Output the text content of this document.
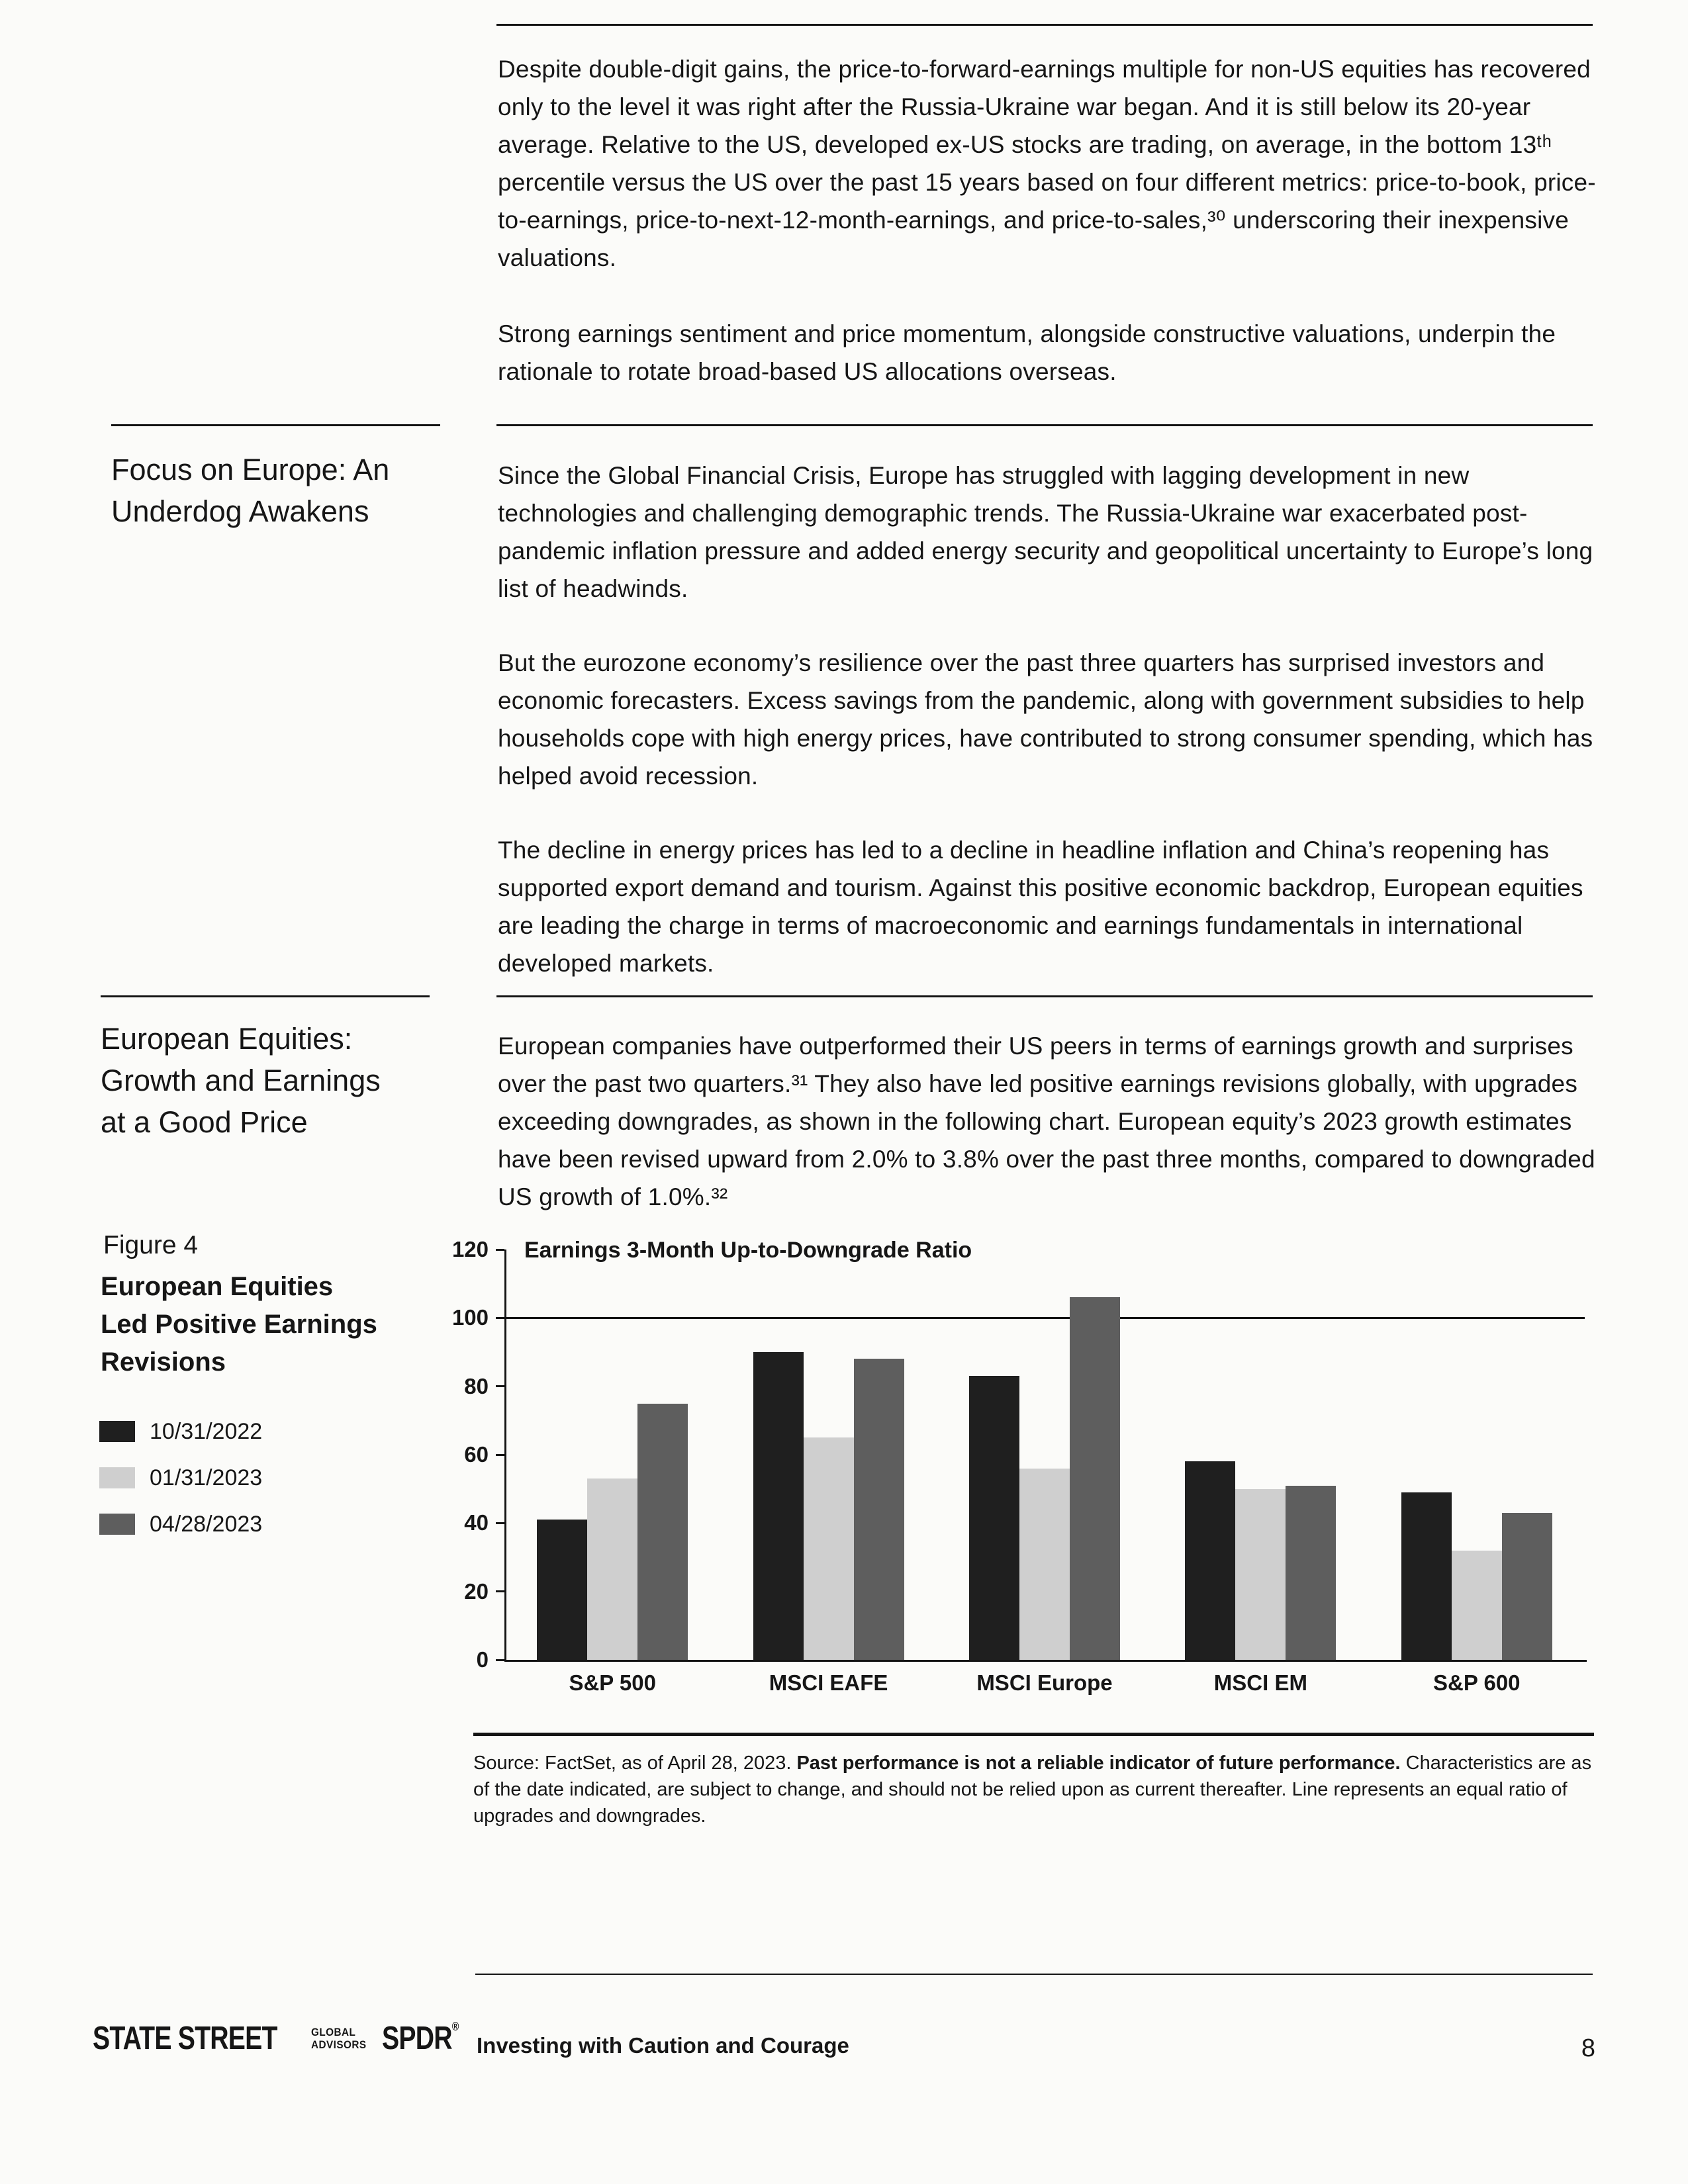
Despite double-digit gains, the price-to-forward-earnings multiple for non-US equities has recovered only to the level it was right after the Russia-Ukraine war began. And it is still below its 20-year average. Relative to the US, developed ex-US stocks are trading, on average, in the bottom 13ᵗʰ percentile versus the US over the past 15 years based on four different metrics: price-to-book, price-to-earnings, price-to-next-12-month-earnings, and price-to-sales,³⁰ underscoring their inexpensive valuations.

Strong earnings sentiment and price momentum, alongside constructive valuations, underpin the rationale to rotate broad-based US allocations overseas.

Focus on Europe: An Underdog Awakens

Since the Global Financial Crisis, Europe has struggled with lagging development in new technologies and challenging demographic trends. The Russia-Ukraine war exacerbated post-pandemic inflation pressure and added energy security and geopolitical uncertainty to Europe’s long list of headwinds.

But the eurozone economy’s resilience over the past three quarters has surprised investors and economic forecasters. Excess savings from the pandemic, along with government subsidies to help households cope with high energy prices, have contributed to strong consumer spending, which has helped avoid recession.

The decline in energy prices has led to a decline in headline inflation and China’s reopening has supported export demand and tourism. Against this positive economic backdrop, European equities are leading the charge in terms of macroeconomic and earnings fundamentals in international developed markets.

European Equities: Growth and Earnings at a Good Price

European companies have outperformed their US peers in terms of earnings growth and surprises over the past two quarters.³¹ They also have led positive earnings revisions globally, with upgrades exceeding downgrades, as shown in the following chart. European equity’s 2023 growth estimates have been revised upward from 2.0% to 3.8% over the past three months, compared to downgraded US growth of 1.0%.³²

Figure 4
European Equities
Led Positive Earnings
Revisions
10/31/2022
01/31/2023
04/28/2023
Earnings 3-Month Up-to-Downgrade Ratio
0
20
40
60
80
100
120
S&P 500	MSCI EAFE	MSCI Europe	MSCI EM	S&P 600

Source: FactSet, as of April 28, 2023. Past performance is not a reliable indicator of future performance. Characteristics are as of the date indicated, are subject to change, and should not be relied upon as current thereafter. Line represents an equal ratio of upgrades and downgrades.

STATE STREET	GLOBAL
ADVISORS SPDR®
Investing with Caution and Courage	8
